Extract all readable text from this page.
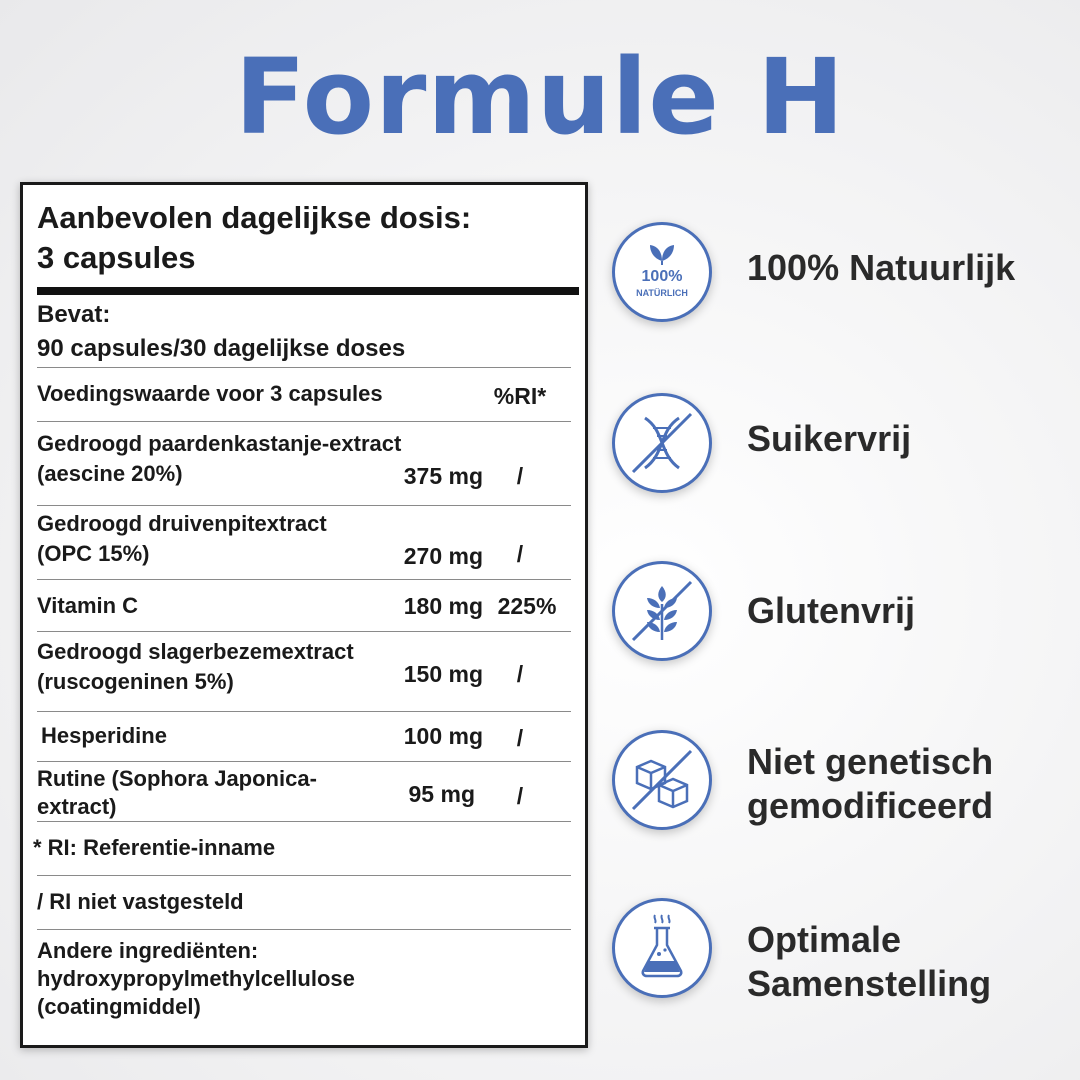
Formule H
Aanbevolen dagelijkse dosis:
3 capsules
Bevat:
90 capsules/30 dagelijkse doses
Voedingswaarde voor 3 capsules	%RI*
Gedroogd paardenkastanje-extract
(aescine 20%)	375 mg	/
Gedroogd druivenpitextract
(OPC 15%)	270 mg	/
Vitamin C	180 mg 225%
Gedroogd slagerbezemextract
(ruscogeninen 5%)	150 mg	/
Hesperidine	100 mg	/
Rutine (Sophora Japonica-
extract)	95 mg	/
* RI: Referentie-inname
/ RI niet vastgesteld
Andere ingrediënten:
hydroxypropylmethylcellulose
(coatingmiddel)
100%
NATÜRLICH
100% Natuurlijk
Suikervrij
Glutenvrij
Niet genetisch
gemodificeerd
Optimale
Samenstelling
